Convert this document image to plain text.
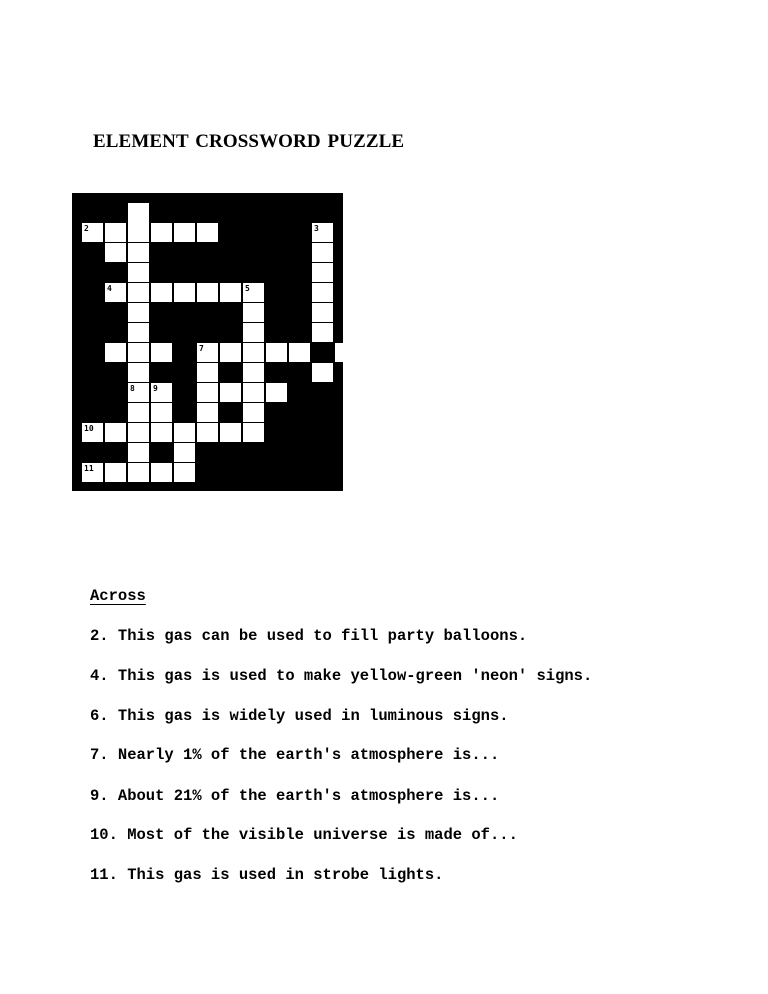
ELEMENT CROSSWORD PUZZLE
1
2	3
4	5
7
8 9
10
11
Across
2. This gas can be used to fill party balloons.
4. This gas is used to make yellow-green 'neon' signs.
6. This gas is widely used in luminous signs.
7. Nearly 1% of the earth's atmosphere is...
9. About 21% of the earth's atmosphere is...
10. Most of the visible universe is made of...
11. This gas is used in strobe lights.
